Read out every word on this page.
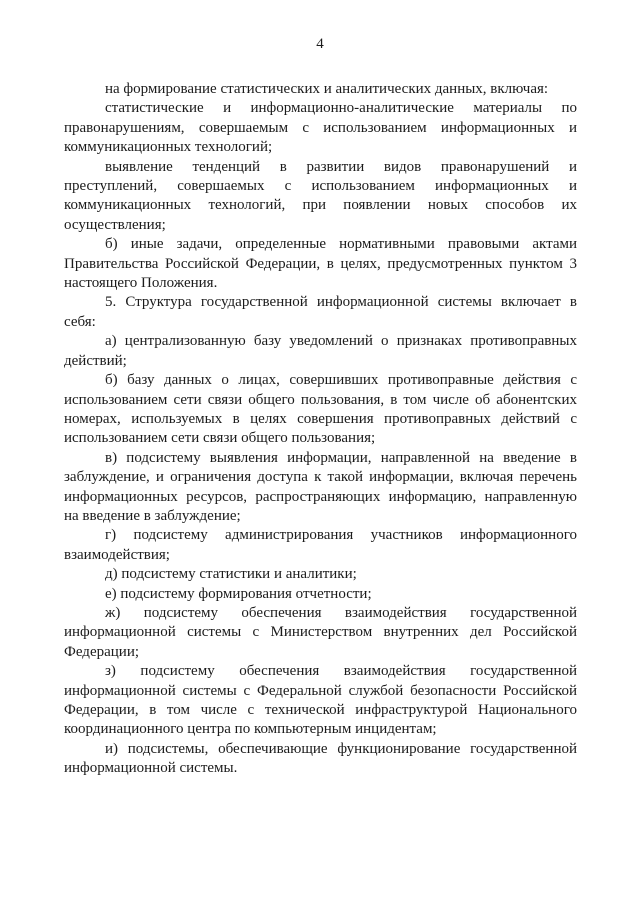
4

на формирование статистических и аналитических данных, включая:

статистические и информационно-аналитические материалы по правонарушениям, совершаемым с использованием информационных и коммуникационных технологий;

выявление тенденций в развитии видов правонарушений и преступлений, совершаемых с использованием информационных и коммуникационных технологий, при появлении новых способов их осуществления;

б) иные задачи, определенные нормативными правовыми актами Правительства Российской Федерации, в целях, предусмотренных пунктом 3 настоящего Положения.

5. Структура государственной информационной системы включает в себя:

а) централизованную базу уведомлений о признаках противоправных действий;

б) базу данных о лицах, совершивших противоправные действия с использованием сети связи общего пользования, в том числе об абонентских номерах, используемых в целях совершения противоправных действий с использованием сети связи общего пользования;

в) подсистему выявления информации, направленной на введение в заблуждение, и ограничения доступа к такой информации, включая перечень информационных ресурсов, распространяющих информацию, направленную на введение в заблуждение;

г) подсистему администрирования участников информационного взаимодействия;

д) подсистему статистики и аналитики;

е) подсистему формирования отчетности;

ж) подсистему обеспечения взаимодействия государственной информационной системы с Министерством внутренних дел Российской Федерации;

з) подсистему обеспечения взаимодействия государственной информационной системы с Федеральной службой безопасности Российской Федерации, в том числе с технической инфраструктурой Национального координационного центра по компьютерным инцидентам;

и) подсистемы, обеспечивающие функционирование государственной информационной системы.
